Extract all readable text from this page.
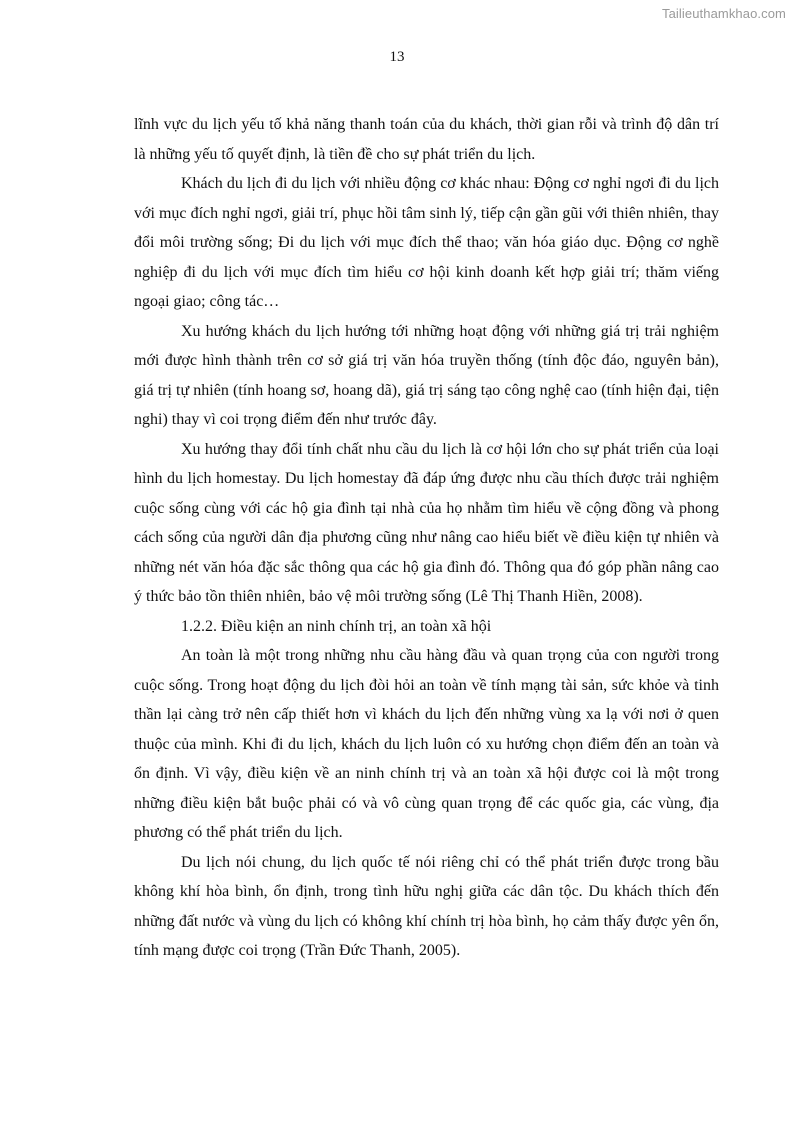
Tailieuthamkhao.com
13

lĩnh vực du lịch yếu tố khả năng thanh toán của du khách, thời gian rỗi và trình độ dân trí là những yếu tố quyết định, là tiền đề cho sự phát triển du lịch.

Khách du lịch đi du lịch với nhiều động cơ khác nhau: Động cơ nghỉ ngơi đi du lịch với mục đích nghỉ ngơi, giải trí, phục hồi tâm sinh lý, tiếp cận gần gũi với thiên nhiên, thay đổi môi trường sống; Đi du lịch với mục đích thể thao; văn hóa giáo dục. Động cơ nghề nghiệp đi du lịch với mục đích tìm hiểu cơ hội kinh doanh kết hợp giải trí; thăm viếng ngoại giao; công tác…

Xu hướng khách du lịch hướng tới những hoạt động với những giá trị trải nghiệm mới được hình thành trên cơ sở giá trị văn hóa truyền thống (tính độc đáo, nguyên bản), giá trị tự nhiên (tính hoang sơ, hoang dã), giá trị sáng tạo công nghệ cao (tính hiện đại, tiện nghi) thay vì coi trọng điểm đến như trước đây.

Xu hướng thay đổi tính chất nhu cầu du lịch là cơ hội lớn cho sự phát triển của loại hình du lịch homestay. Du lịch homestay đã đáp ứng được nhu cầu thích được trải nghiệm cuộc sống cùng với các hộ gia đình tại nhà của họ nhằm tìm hiểu về cộng đồng và phong cách sống của người dân địa phương cũng như nâng cao hiểu biết về điều kiện tự nhiên và những nét văn hóa đặc sắc thông qua các hộ gia đình đó. Thông qua đó góp phần nâng cao ý thức bảo tồn thiên nhiên, bảo vệ môi trường sống (Lê Thị Thanh Hiền, 2008).

1.2.2. Điều kiện an ninh chính trị, an toàn xã hội

An toàn là một trong những nhu cầu hàng đầu và quan trọng của con người trong cuộc sống. Trong hoạt động du lịch đòi hỏi an toàn về tính mạng tài sản, sức khỏe và tinh thần lại càng trở nên cấp thiết hơn vì khách du lịch đến những vùng xa lạ với nơi ở quen thuộc của mình. Khi đi du lịch, khách du lịch luôn có xu hướng chọn điểm đến an toàn và ổn định. Vì vậy, điều kiện về an ninh chính trị và an toàn xã hội được coi là một trong những điều kiện bắt buộc phải có và vô cùng quan trọng để các quốc gia, các vùng, địa phương có thể phát triển du lịch.

Du lịch nói chung, du lịch quốc tế nói riêng chỉ có thể phát triển được trong bầu không khí hòa bình, ổn định, trong tình hữu nghị giữa các dân tộc. Du khách thích đến những đất nước và vùng du lịch có không khí chính trị hòa bình, họ cảm thấy được yên ổn, tính mạng được coi trọng (Trần Đức Thanh, 2005).
